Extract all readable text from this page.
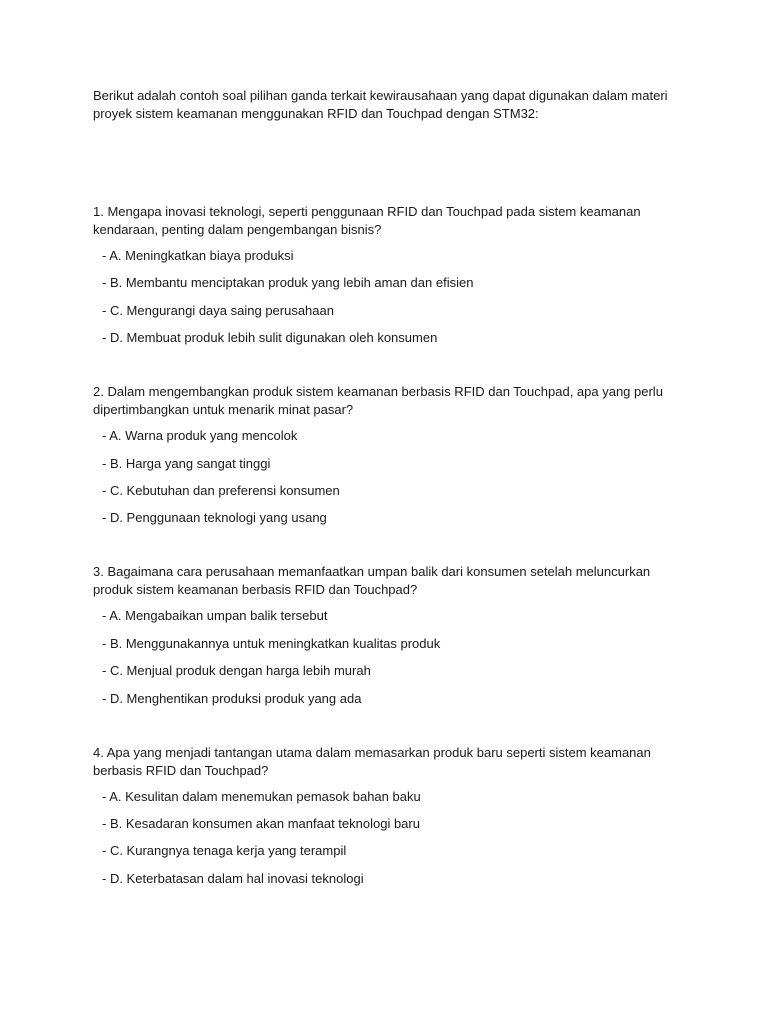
Berikut adalah contoh soal pilihan ganda terkait kewirausahaan yang dapat digunakan dalam materi proyek sistem keamanan menggunakan RFID dan Touchpad dengan STM32:

1. Mengapa inovasi teknologi, seperti penggunaan RFID dan Touchpad pada sistem keamanan kendaraan, penting dalam pengembangan bisnis?

- A. Meningkatkan biaya produksi
- B. Membantu menciptakan produk yang lebih aman dan efisien
- C. Mengurangi daya saing perusahaan
- D. Membuat produk lebih sulit digunakan oleh konsumen

2. Dalam mengembangkan produk sistem keamanan berbasis RFID dan Touchpad, apa yang perlu dipertimbangkan untuk menarik minat pasar?

- A. Warna produk yang mencolok
- B. Harga yang sangat tinggi
- C. Kebutuhan dan preferensi konsumen
- D. Penggunaan teknologi yang usang

3. Bagaimana cara perusahaan memanfaatkan umpan balik dari konsumen setelah meluncurkan produk sistem keamanan berbasis RFID dan Touchpad?

- A. Mengabaikan umpan balik tersebut
- B. Menggunakannya untuk meningkatkan kualitas produk
- C. Menjual produk dengan harga lebih murah
- D. Menghentikan produksi produk yang ada

4. Apa yang menjadi tantangan utama dalam memasarkan produk baru seperti sistem keamanan berbasis RFID dan Touchpad?

- A. Kesulitan dalam menemukan pemasok bahan baku
- B. Kesadaran konsumen akan manfaat teknologi baru
- C. Kurangnya tenaga kerja yang terampil
- D. Keterbatasan dalam hal inovasi teknologi
